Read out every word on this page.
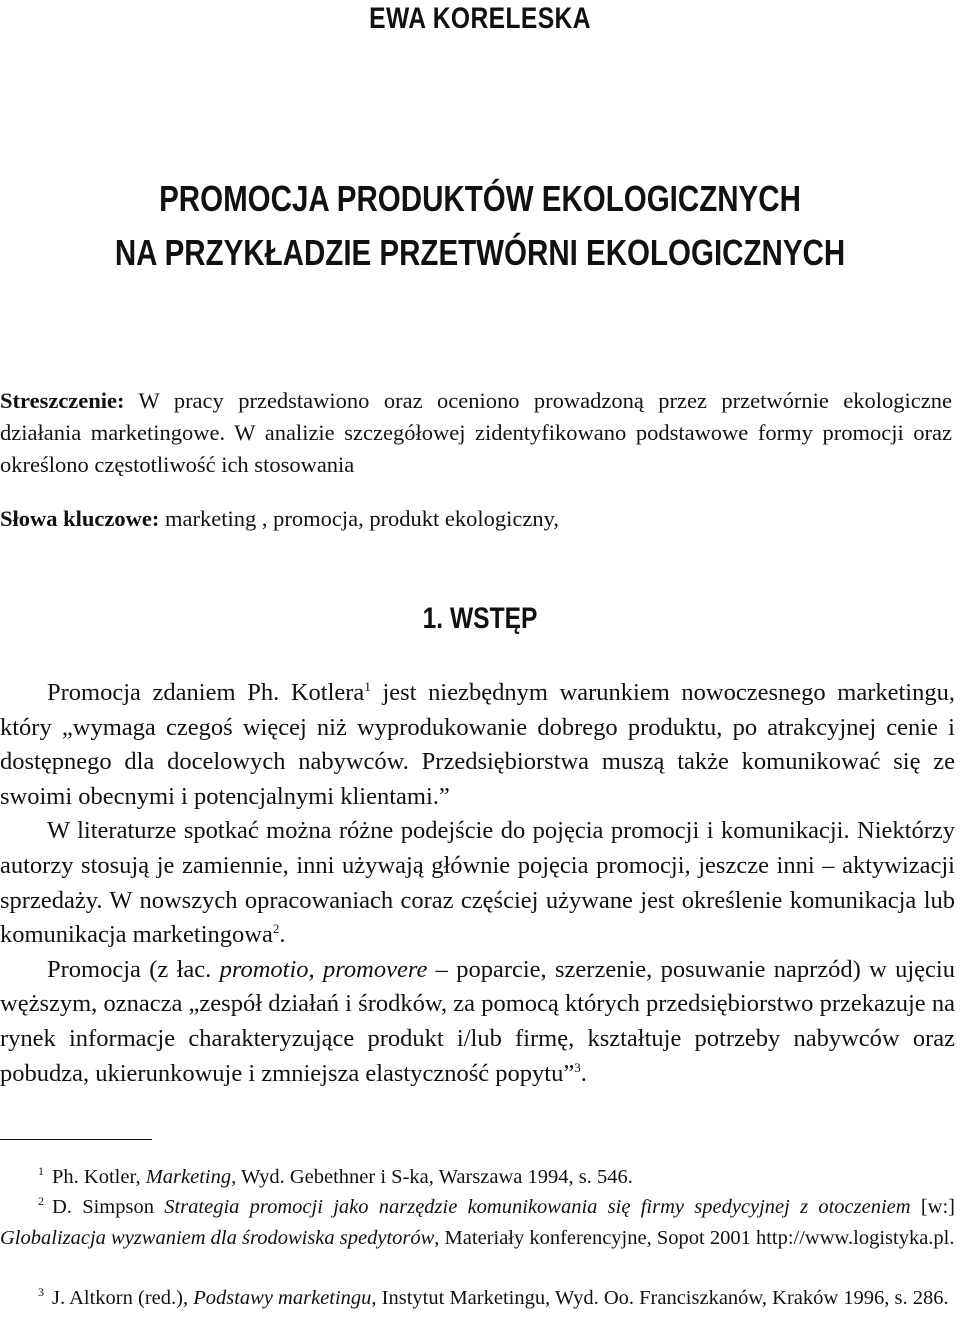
EWA KORELESKA
PROMOCJA PRODUKTÓW EKOLOGICZNYCH
NA PRZYKŁADZIE PRZETWÓRNI EKOLOGICZNYCH
Streszczenie: W pracy przedstawiono oraz oceniono prowadzoną przez przetwórnie ekologiczne działania marketingowe. W analizie szczegółowej zidentyfikowano podstawowe formy promocji oraz określono częstotliwość ich stosowania
Słowa kluczowe: marketing , promocja, produkt ekologiczny,
1. WSTĘP

Promocja zdaniem Ph. Kotlera$^1$ jest niezbędnym warunkiem nowoczesnego marketingu, który „wymaga czegoś więcej niż wyprodukowanie dobrego produktu, po atrakcyjnej cenie i dostępnego dla docelowych nabywców. Przedsiębiorstwa muszą także komunikować się ze swoimi obecnymi i potencjalnymi klientami.”

W literaturze spotkać można różne podejście do pojęcia promocji i komunikacji. Niektórzy autorzy stosują je zamiennie, inni używają głównie pojęcia promocji, jeszcze inni – aktywizacji sprzedaży. W nowszych opracowaniach coraz częściej używane jest określenie komunikacja lub komunikacja marketingowa$^2$.

Promocja (z łac. promotio, promovere – poparcie, szerzenie, posuwanie naprzód) w ujęciu węższym, oznacza „zespół działań i środków, za pomocą których przedsiębiorstwo przekazuje na rynek informacje charakteryzujące produkt i/lub firmę, kształtuje potrzeby nabywców oraz pobudza, ukierunkowuje i zmniejsza elastyczność popytu”$^3$.

$^1$ Ph. Kotler, Marketing, Wyd. Gebethner i S-ka, Warszawa 1994, s. 546.
$^2$ D. Simpson Strategia promocji jako narzędzie komunikowania się firmy spedycyjnej z otoczeniem [w:] Globalizacja wyzwaniem dla środowiska spedytorów, Materiały konferencyjne, Sopot 2001 http://www.logistyka.pl.
$^3$ J. Altkorn (red.), Podstawy marketingu, Instytut Marketingu, Wyd. Oo. Franciszkanów, Kraków 1996, s. 286.
